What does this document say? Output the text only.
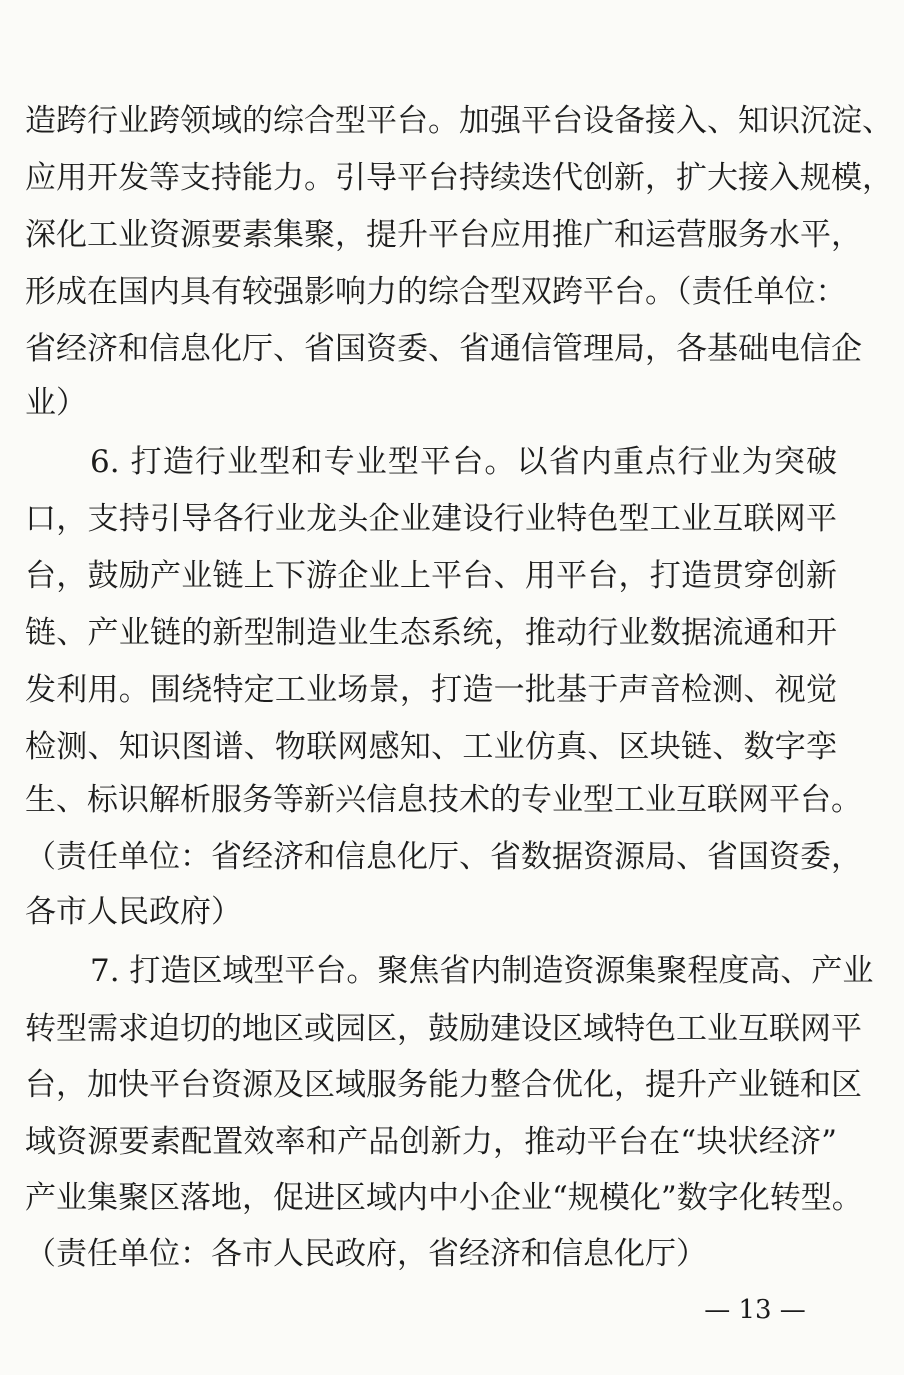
造跨行业跨领域的综合型平台。加强平台设备接入、知识沉淀、
应用开发等支持能力。引导平台持续迭代创新，扩大接入规模，
深化工业资源要素集聚，提升平台应用推广和运营服务水平，
形成在国内具有较强影响力的综合型双跨平台。（责任单位：
省经济和信息化厅、省国资委、省通信管理局，各基础电信企
业）
6. 打造行业型和专业型平台。以省内重点行业为突破
口，支持引导各行业龙头企业建设行业特色型工业互联网平
台，鼓励产业链上下游企业上平台、用平台，打造贯穿创新
链、产业链的新型制造业生态系统，推动行业数据流通和开
发利用。围绕特定工业场景，打造一批基于声音检测、视觉
检测、知识图谱、物联网感知、工业仿真、区块链、数字孪
生、标识解析服务等新兴信息技术的专业型工业互联网平台。
（责任单位：省经济和信息化厅、省数据资源局、省国资委，
各市人民政府）
7. 打造区域型平台。聚焦省内制造资源集聚程度高、产业
转型需求迫切的地区或园区，鼓励建设区域特色工业互联网平
台，加快平台资源及区域服务能力整合优化，提升产业链和区
域资源要素配置效率和产品创新力，推动平台在“块状经济”
产业集聚区落地，促进区域内中小企业“规模化”数字化转型。
（责任单位：各市人民政府，省经济和信息化厅）
— 13 —
